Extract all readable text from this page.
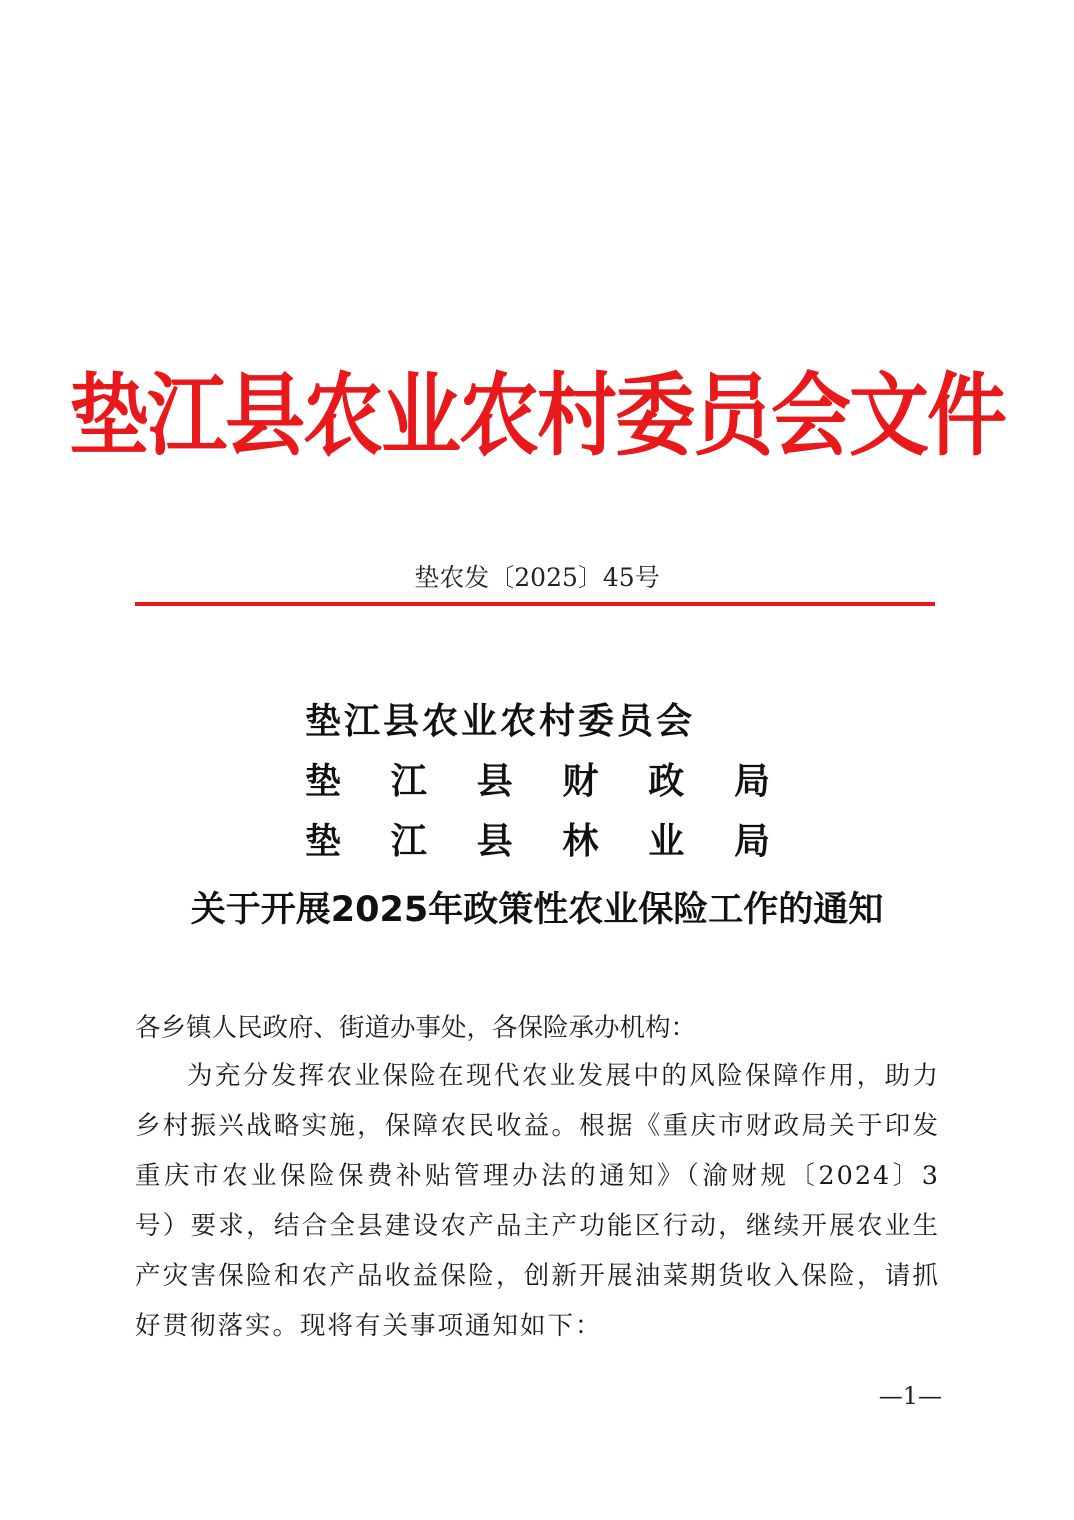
垫江县农业农村委员会文件
垫农发〔2025〕45号
垫江县农业农村委员会
垫江县财政局
垫江县林业局
关于开展2025年政策性农业保险工作的通知

各乡镇人民政府、街道办事处，各保险承办机构：

为充分发挥农业保险在现代农业发展中的风险保障作用，助力乡村振兴战略实施，保障农民收益。根据《重庆市财政局关于印发重庆市农业保险保费补贴管理办法的通知》（渝财规〔2024〕3号）要求，结合全县建设农产品主产功能区行动，继续开展农业生产灾害保险和农产品收益保险，创新开展油菜期货收入保险，请抓好贯彻落实。现将有关事项通知如下：

—1—
